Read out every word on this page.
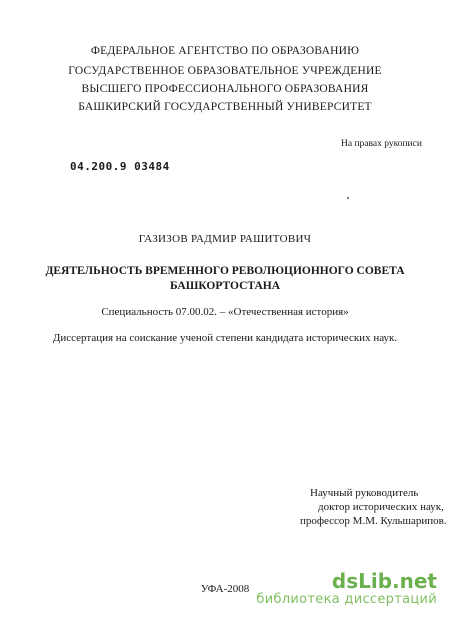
ФЕДЕРАЛЬНОЕ АГЕНТСТВО ПО ОБРАЗОВАНИЮ
ГОСУДАРСТВЕННОЕ ОБРАЗОВАТЕЛЬНОЕ УЧРЕЖДЕНИЕ
ВЫСШЕГО ПРОФЕССИОНАЛЬНОГО ОБРАЗОВАНИЯ
БАШКИРСКИЙ ГОСУДАРСТВЕННЫЙ УНИВЕРСИТЕТ
На правах рукописи
04.200.9 03484
ГАЗИЗОВ РАДМИР РАШИТОВИЧ
ДЕЯТЕЛЬНОСТЬ ВРЕМЕННОГО РЕВОЛЮЦИОННОГО СОВЕТА
БАШКОРТОСТАНА
Специальность 07.00.02. – «Отечественная история»
Диссертация на соискание ученой степени кандидата исторических наук.
Научный руководитель
доктор исторических наук,
профессор М.М. Кульшарипов.
УФА-2008	dsLib.net
библиотека диссертаций
